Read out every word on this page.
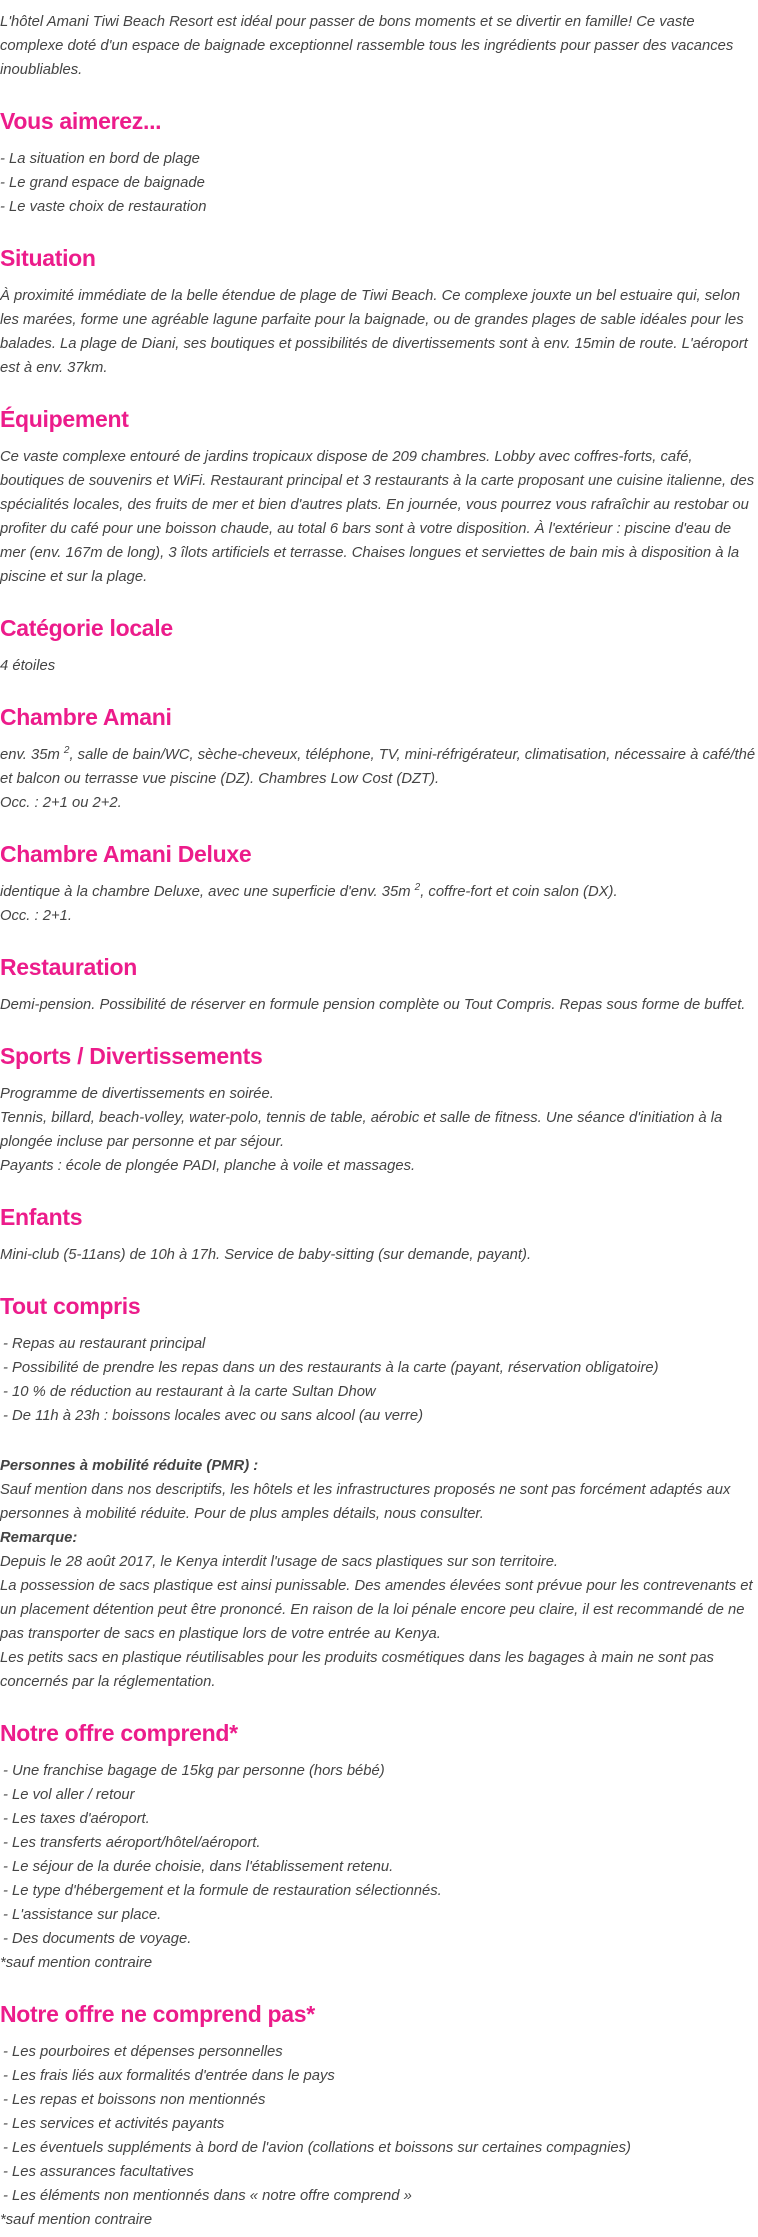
L'hôtel Amani Tiwi Beach Resort est idéal pour passer de bons moments et se divertir en famille! Ce vaste complexe doté d'un espace de baignade exceptionnel rassemble tous les ingrédients pour passer des vacances inoubliables.

Vous aimerez...

- La situation en bord de plage

- Le grand espace de baignade

- Le vaste choix de restauration

Situation

À proximité immédiate de la belle étendue de plage de Tiwi Beach. Ce complexe jouxte un bel estuaire qui, selon les marées, forme une agréable lagune parfaite pour la baignade, ou de grandes plages de sable idéales pour les balades. La plage de Diani, ses boutiques et possibilités de divertissements sont à env. 15min de route. L'aéroport est à env. 37km.

Équipement

Ce vaste complexe entouré de jardins tropicaux dispose de 209 chambres. Lobby avec coffres-forts, café, boutiques de souvenirs et WiFi. Restaurant principal et 3 restaurants à la carte proposant une cuisine italienne, des spécialités locales, des fruits de mer et bien d'autres plats. En journée, vous pourrez vous rafraîchir au restobar ou profiter du café pour une boisson chaude, au total 6 bars sont à votre disposition. À l'extérieur : piscine d'eau de mer (env. 167m de long), 3 îlots artificiels et terrasse. Chaises longues et serviettes de bain mis à disposition à la piscine et sur la plage.

Catégorie locale

4 étoiles

Chambre Amani

env. 35m $^2$, salle de bain/WC, sèche-cheveux, téléphone, TV, mini-réfrigérateur, climatisation, nécessaire à café/thé et balcon ou terrasse vue piscine (DZ). Chambres Low Cost (DZT).

Occ. : 2+1 ou 2+2.

Chambre Amani Deluxe

identique à la chambre Deluxe, avec une superficie d'env. 35m $^2$, coffre-fort et coin salon (DX).

Occ. : 2+1.

Restauration

Demi-pension. Possibilité de réserver en formule pension complète ou Tout Compris. Repas sous forme de buffet.

Sports / Divertissements

Programme de divertissements en soirée.

Tennis, billard, beach-volley, water-polo, tennis de table, aérobic et salle de fitness. Une séance d'initiation à la plongée incluse par personne et par séjour.

Payants : école de plongée PADI, planche à voile et massages.

Enfants

Mini-club (5-11ans) de 10h à 17h. Service de baby-sitting (sur demande, payant).

Tout compris
- Repas au restaurant principal
- Possibilité de prendre les repas dans un des restaurants à la carte (payant, réservation obligatoire)
- 10 % de réduction au restaurant à la carte Sultan Dhow
- De 11h à 23h : boissons locales avec ou sans alcool (au verre)

Personnes à mobilité réduite (PMR) :

Sauf mention dans nos descriptifs, les hôtels et les infrastructures proposés ne sont pas forcément adaptés aux personnes à mobilité réduite. Pour de plus amples détails, nous consulter.

Remarque:

Depuis le 28 août 2017, le Kenya interdit l'usage de sacs plastiques sur son territoire.

La possession de sacs plastique est ainsi punissable. Des amendes élevées sont prévue pour les contrevenants et un placement détention peut être prononcé. En raison de la loi pénale encore peu claire, il est recommandé de ne pas transporter de sacs en plastique lors de votre entrée au Kenya.

Les petits sacs en plastique réutilisables pour les produits cosmétiques dans les bagages à main ne sont pas concernés par la réglementation.

Notre offre comprend*
- Une franchise bagage de 15kg par personne (hors bébé)
- Le vol aller / retour
- Les taxes d'aéroport.
- Les transferts aéroport/hôtel/aéroport.
- Le séjour de la durée choisie, dans l'établissement retenu.
- Le type d'hébergement et la formule de restauration sélectionnés.
- L'assistance sur place.
- Des documents de voyage.

*sauf mention contraire

Notre offre ne comprend pas*
- Les pourboires et dépenses personnelles
- Les frais liés aux formalités d'entrée dans le pays
- Les repas et boissons non mentionnés
- Les services et activités payants
- Les éventuels suppléments à bord de l'avion (collations et boissons sur certaines compagnies)
- Les assurances facultatives
- Les éléments non mentionnés dans « notre offre comprend »

*sauf mention contraire
